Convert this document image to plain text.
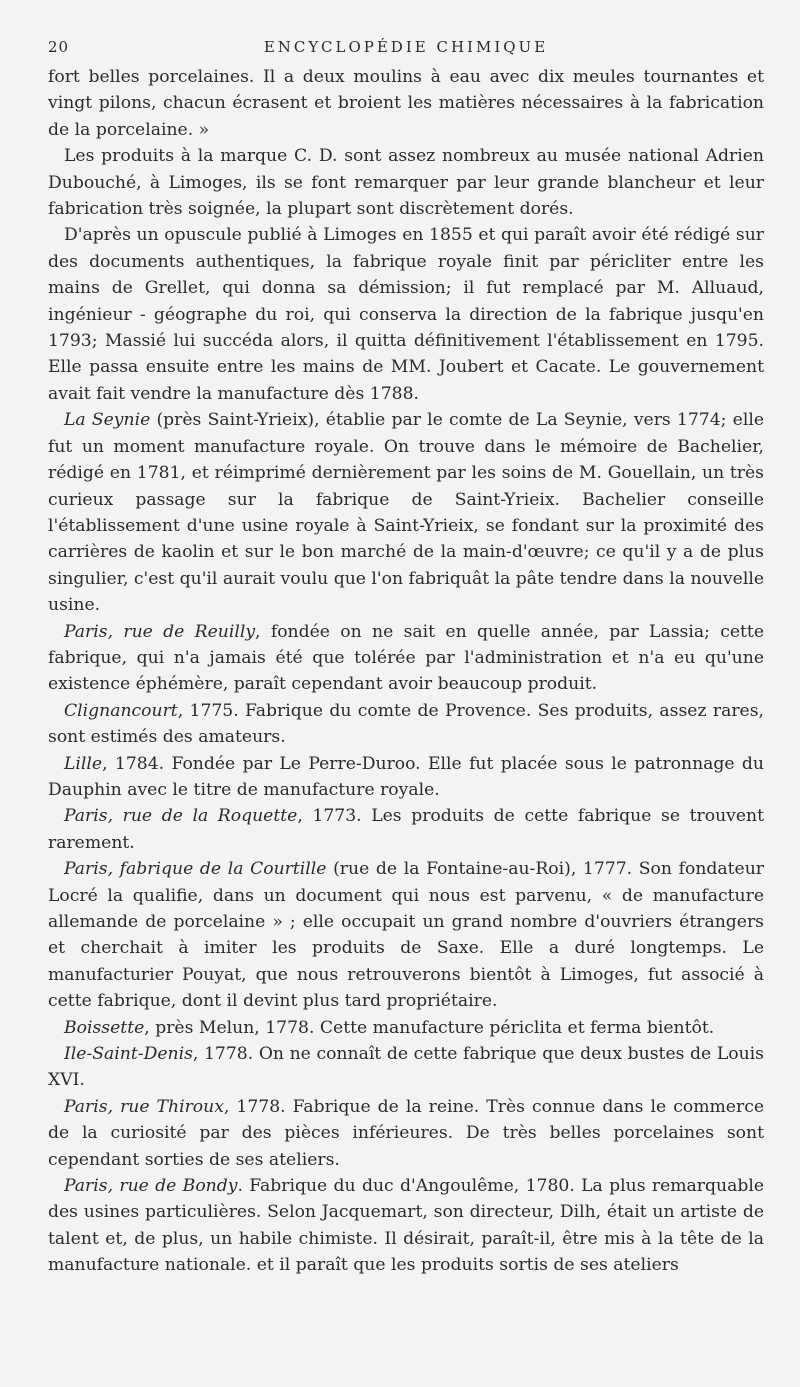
20	ENCYCLOPÉDIE CHIMIQUE

fort belles porcelaines. Il a deux moulins à eau avec dix meules tournantes et vingt pilons, chacun écrasent et broient les matières nécessaires à la fabrication de la porcelaine. »

Les produits à la marque C. D. sont assez nombreux au musée national Adrien Dubouché, à Limoges, ils se font remarquer par leur grande blancheur et leur fabrication très soignée, la plupart sont discrètement dorés.

D'après un opuscule publié à Limoges en 1855 et qui paraît avoir été rédigé sur des documents authentiques, la fabrique royale finit par péricliter entre les mains de Grellet, qui donna sa démission; il fut remplacé par M. Alluaud, ingénieur - géographe du roi, qui conserva la direction de la fabrique jusqu'en 1793; Massié lui succéda alors, il quitta définitivement l'établissement en 1795. Elle passa ensuite entre les mains de MM. Joubert et Cacate. Le gouvernement avait fait vendre la manufacture dès 1788.

La Seynie (près Saint-Yrieix), établie par le comte de La Seynie, vers 1774; elle fut un moment manufacture royale. On trouve dans le mémoire de Bachelier, rédigé en 1781, et réimprimé dernièrement par les soins de M. Gouellain, un très curieux passage sur la fabrique de Saint-Yrieix. Bachelier conseille l'établissement d'une usine royale à Saint-Yrieix, se fondant sur la proximité des carrières de kaolin et sur le bon marché de la main-d'œuvre; ce qu'il y a de plus singulier, c'est qu'il aurait voulu que l'on fabriquât la pâte tendre dans la nouvelle usine.

Paris, rue de Reuilly, fondée on ne sait en quelle année, par Lassia; cette fabrique, qui n'a jamais été que tolérée par l'administration et n'a eu qu'une existence éphémère, paraît cependant avoir beaucoup produit.

Clignancourt, 1775. Fabrique du comte de Provence. Ses produits, assez rares, sont estimés des amateurs.

Lille, 1784. Fondée par Le Perre-Duroo. Elle fut placée sous le patronnage du Dauphin avec le titre de manufacture royale.

Paris, rue de la Roquette, 1773. Les produits de cette fabrique se trouvent rarement.

Paris, fabrique de la Courtille (rue de la Fontaine-au-Roi), 1777. Son fondateur Locré la qualifie, dans un document qui nous est parvenu, « de manufacture allemande de porcelaine » ; elle occupait un grand nombre d'ouvriers étrangers et cherchait à imiter les produits de Saxe. Elle a duré longtemps. Le manufacturier Pouyat, que nous retrouverons bientôt à Limoges, fut associé à cette fabrique, dont il devint plus tard propriétaire.

Boissette, près Melun, 1778. Cette manufacture périclita et ferma bientôt.

Ile-Saint-Denis, 1778. On ne connaît de cette fabrique que deux bustes de Louis XVI.

Paris, rue Thiroux, 1778. Fabrique de la reine. Très connue dans le commerce de la curiosité par des pièces inférieures. De très belles porcelaines sont cependant sorties de ses ateliers.

Paris, rue de Bondy. Fabrique du duc d'Angoulême, 1780. La plus remarquable des usines particulières. Selon Jacquemart, son directeur, Dilh, était un artiste de talent et, de plus, un habile chimiste. Il désirait, paraît-il, être mis à la tête de la manufacture nationale. et il paraît que les produits sortis de ses ateliers
